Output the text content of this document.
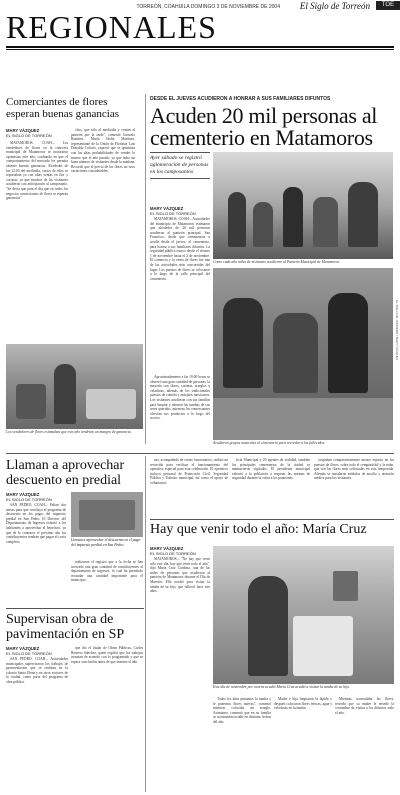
TORREÓN, COAHUILA DOMINGO 3 DE NOVIEMBRE DE 2004 El Siglo de Torreón	TOE
REGIONALES
Comerciantes de flores esperan buenas ganancias
MARY VÁZQUEZ
EL SIGLO DE TORREÓN

MATAMOROS, COAH.– Los vendedores de flores en la cabecera municipal de Matamoros se mostraron optimistas este año, confiando en que el comportamiento del mercado les permita obtener buenas ganancias. Alrededor de las 12:00 del mediodía, varios de ellos se reportaban ya con altas ventas en flor y coronas, ya que muchos de los visitantes acudieron con anticipación al camposanto. "Se decía que para el día que en todos los negocios comerciantes de flores se esperan ganancias".

chos, que sólo al mediodía y venían al panteón por la tarde", comentó Gonzalo Ramírez. María Idalia Martínez, representante de la Unión de Floristas Luis Donaldo Colosio, expresó que se optimista con las altas probabilidades de vender lo mismo que el año pasado, ya que hubo un buen número de visitantes desde la mañana. Recordó que el precio de las flores no tuvo variaciones considerables.

Los vendedores de flores estimaban que este año tendrían un margen de ganancia.
DESDE EL JUEVES ACUDIERON A HONRAR A SUS FAMILIARES DIFUNTOS
Acuden 20 mil personas al cementerio en Matamoros
Ayer sábado se registró aglomeración de personas en los camposantos
MARY VÁZQUEZ
EL SIGLO DE TORREÓN

MATAMOROS, COAH.– Autoridades del municipio de Matamoros estimaron que alrededor de 20 mil personas acudieron al panteón principal, San Francisco, desde que comenzaron a acudir desde el jueves, al cementerio, para honrar a sus familiares difuntos. La seguridad pública estuvo desde el viernes 1 de noviembre hasta el 2 de noviembre. El comercio y la venta de flores fue una de las actividades más concurridas del lugar. Los puestos de flores se colocaron a lo largo de la calle principal del cementerio.

Aproximadamente a las 10:00 horas se observó una gran cantidad de personas, la mayoría con flores, coronas, arreglos y veladoras, además de los tradicionales puestos de comida y antojitos mexicanos. Los visitantes acudieron con sus familias para limpiar y adornar las tumbas de sus seres queridos, mientras los comerciantes ofrecían sus productos a lo largo del acceso.

Como cada año miles de visitantes acudieron al Panteón Municipal de Matamoros.
Acudieron grupos musicales al cementerio para recordar a los fallecidos.
EL SIGLO DE TORREÓN / MARY VÁZQUEZ
Llaman a aprovechar descuento en predial
MARY VÁZQUEZ
EL SIGLO DE TORREÓN

SAN PEDRO, COAH.– Faltan dos meses para que concluya el programa de descuento en los pagos del impuesto predial en San Pedro. El Director del Departamento de Ingresos exhortó a los habitantes a aprovechar el beneficio, ya que de lo contrario el próximo año los contribuyentes tendrán que pagar el costo completo.	Llaman a aprovechar el descuento en el pago del impuesto predial en San Pedro.

realizaron el registro que a la fecha se han acercado una gran cantidad de contribuyentes al departamento de ingresos, lo cual ha permitido recaudar una cantidad importante para el municipio.

Supervisan obra de pavimentación en SP
MARY VÁZQUEZ
EL SIGLO DE TORREÓN

SAN PEDRO, COAH.– Autoridades municipales supervisaron los trabajos de pavimentación que se realizan en la colonia Santa Elena y en otros sectores de la ciudad, como parte del programa de obra pública.

que dio el titular de Obras Públicas, Carlos Romero Sánchez, quien explicó que los trabajos avanzan de acuerdo con lo programado y que se espera concluirlos antes de que termine el año.

nes, acompañado de varias funcionarios, realizó un recorrido para verificar el funcionamiento del operativo especial para esta celebración. El operativo incluyó personal de Protección Civil, Seguridad Pública y Tránsito municipal, así como el apoyo de voluntarios.

licía Municipal y 20 agentes de vialidad, también los principales cementerios de la ciudad se mantuvieron vigilados. El presidente municipal exhortó a la población a respetar las normas de seguridad durante la visita a los panteones.

ocupaban comparativamente menos espacio en los puestos de flores, sobre todo el cempasúchil y la nube, que son las flores más solicitadas en esta temporada. Además se instalaron módulos de auxilio y atención médica para los visitantes.

Hay que venir todo el año: María Cruz
MARY VÁZQUEZ
EL SIGLO DE TORREÓN

MATAMOROS.– "No hay que venir sólo este día, hay que venir todo el año", dijo María Cruz Cardona, una de las miles de personas que acudieron al panteón de Matamoros durante el Día de Muertos. Ella acudió para visitar la tumba de su hijo, que falleció hace tres años.

Este día de noviembre por ocurra acudió María Cruz acudió a visitar la tumba de su hijo.

Todos los años pintamos la tumba y le ponemos flores nuevas", comentó mientras colocaba un arreglo. Asimismo, comentó que en su familia se acostumbra acudir en distintas fechas del año.

Madre e hija limpiaron la lápida y después colocaron flores frescas, agua y veladoras en la tumba.

Mientras acomodaba las flores, recordó que su madre le enseñó la costumbre de visitar a los difuntos todo el año.
